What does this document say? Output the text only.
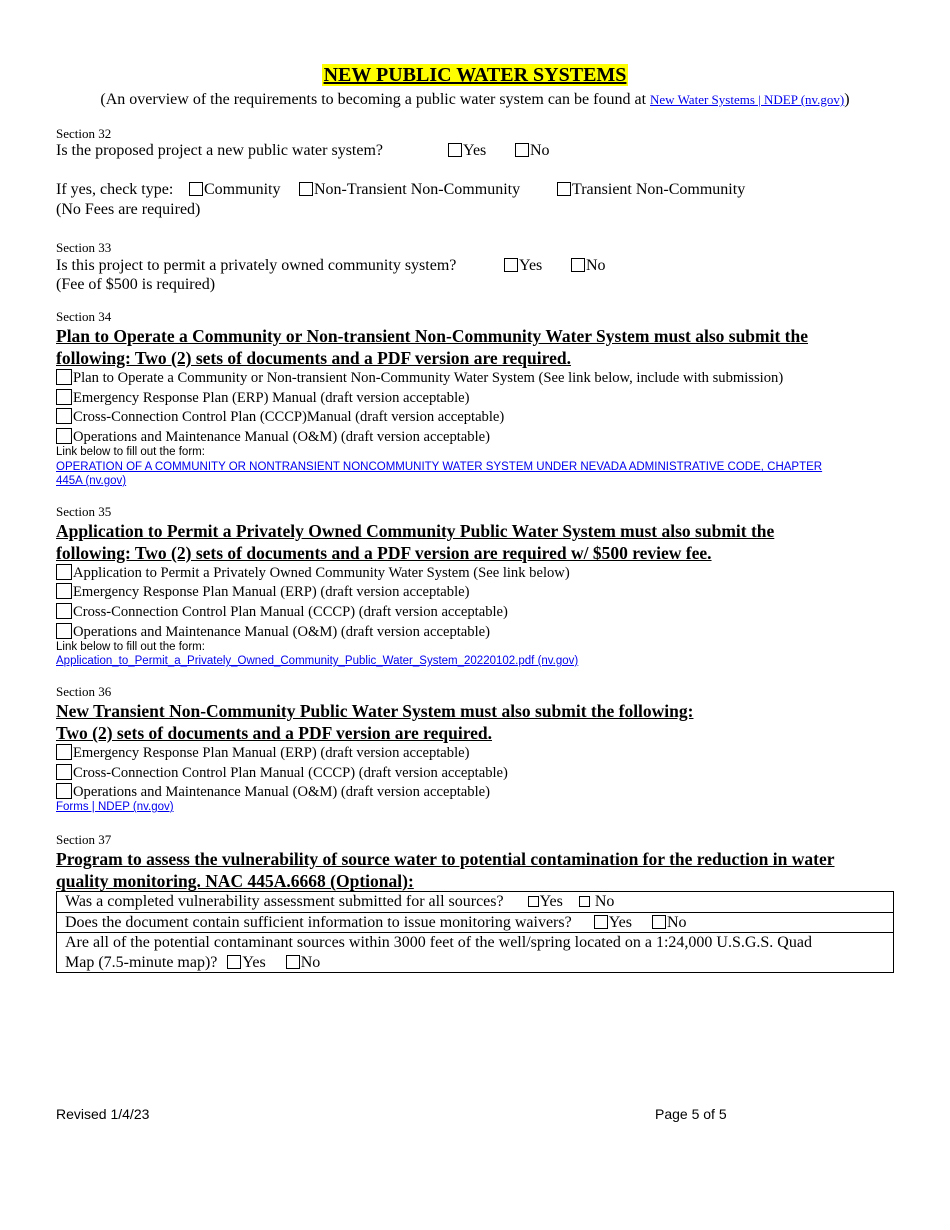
NEW PUBLIC WATER SYSTEMS
(An overview of the requirements to becoming a public water system can be found at New Water Systems | NDEP (nv.gov))
Section 32
Is the proposed project a new public water system?	Yes	No
If yes, check type:	Community	Non-Transient Non-Community	Transient Non-Community
(No Fees are required)
Section 33
Is this project to permit a privately owned community system?	Yes	No
(Fee of $500 is required)
Section 34
Plan to Operate a Community or Non-transient Non-Community Water System must also submit the
following: Two (2) sets of documents and a PDF version are required.
Plan to Operate a Community or Non-transient Non-Community Water System (See link below, include with submission)
Emergency Response Plan (ERP) Manual (draft version acceptable)
Cross-Connection Control Plan (CCCP)Manual (draft version acceptable)
Operations and Maintenance Manual (O&M) (draft version acceptable)
Link below to fill out the form:
OPERATION OF A COMMUNITY OR NONTRANSIENT NONCOMMUNITY WATER SYSTEM UNDER NEVADA ADMINISTRATIVE CODE, CHAPTER
445A (nv.gov)
Section 35
Application to Permit a Privately Owned Community Public Water System must also submit the
following: Two (2) sets of documents and a PDF version are required w/ $500 review fee.
Application to Permit a Privately Owned Community Water System (See link below)
Emergency Response Plan Manual (ERP) (draft version acceptable)
Cross-Connection Control Plan Manual (CCCP) (draft version acceptable)
Operations and Maintenance Manual (O&M) (draft version acceptable)
Link below to fill out the form:
Application_to_Permit_a_Privately_Owned_Community_Public_Water_System_20220102.pdf (nv.gov)
Section 36
New Transient Non-Community Public Water System must also submit the following:
Two (2) sets of documents and a PDF version are required.
Emergency Response Plan Manual (ERP) (draft version acceptable)
Cross-Connection Control Plan Manual (CCCP) (draft version acceptable)
Operations and Maintenance Manual (O&M) (draft version acceptable)
Forms | NDEP (nv.gov)
Section 37
Program to assess the vulnerability of source water to potential contamination for the reduction in water
quality monitoring. NAC 445A.6668 (Optional):
Was a completed vulnerability assessment submitted for all sources? Yes No
Does the document contain sufficient information to issue monitoring waivers? Yes No
Are all of the potential contaminant sources within 3000 feet of the well/spring located on a 1:24,000 U.S.G.S. Quad
Map (7.5-minute map)? Yes No
Revised 1/4/23	Page 5 of 5
